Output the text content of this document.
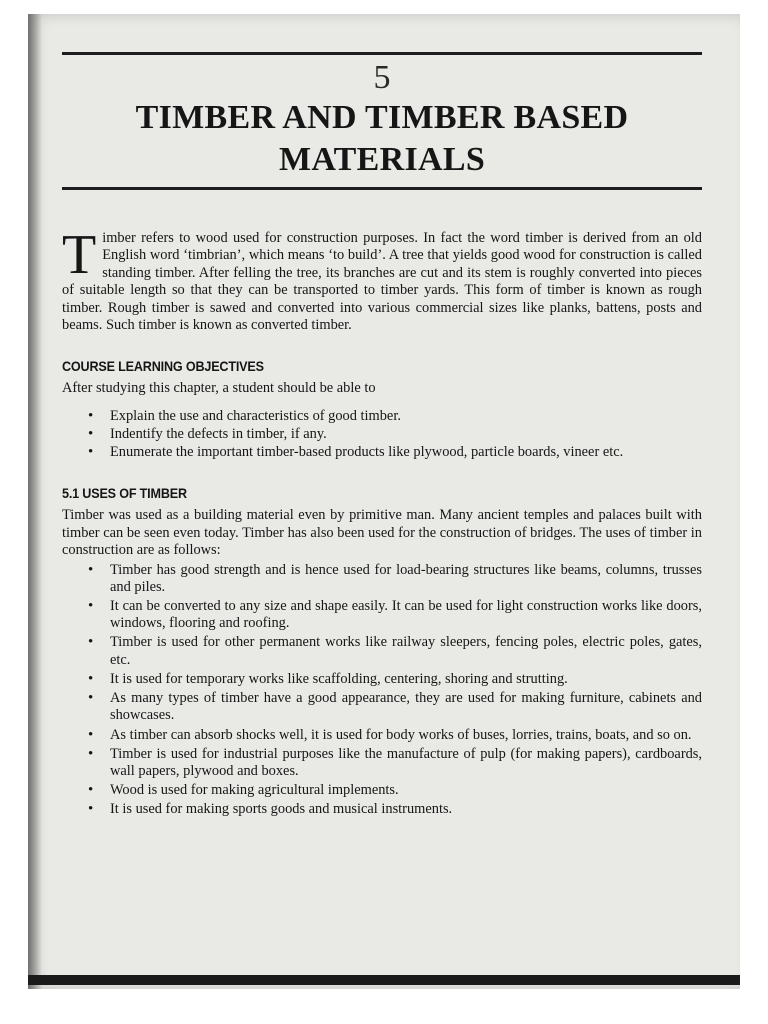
5
TIMBER AND TIMBER BASED MATERIALS
T imber refers to wood used for construction purposes. In fact the word timber is derived from an old English word ‘timbrian’, which means ‘to build’. A tree that yields good wood for construction is called standing timber. After felling the tree, its branches are cut and its stem is roughly converted into pieces of suitable length so that they can be transported to timber yards. This form of timber is known as rough timber. Rough timber is sawed and converted into various commercial sizes like planks, battens, posts and beams. Such timber is known as converted timber.
COURSE LEARNING OBJECTIVES
After studying this chapter, a student should be able to
• Explain the use and characteristics of good timber.
• Indentify the defects in timber, if any.
• Enumerate the important timber-based products like plywood, particle boards, vineer etc.
5.1 USES OF TIMBER
Timber was used as a building material even by primitive man. Many ancient temples and palaces built with timber can be seen even today. Timber has also been used for the construction of bridges. The uses of timber in construction are as follows:
• Timber has good strength and is hence used for load-bearing structures like beams, columns, trusses and piles.
• It can be converted to any size and shape easily. It can be used for light construction works like doors, windows, flooring and roofing.
• Timber is used for other permanent works like railway sleepers, fencing poles, electric poles, gates, etc.
• It is used for temporary works like scaffolding, centering, shoring and strutting.
• As many types of timber have a good appearance, they are used for making furniture, cabinets and showcases.
• As timber can absorb shocks well, it is used for body works of buses, lorries, trains, boats, and so on.
• Timber is used for industrial purposes like the manufacture of pulp (for making papers), cardboards, wall papers, plywood and boxes.
• Wood is used for making agricultural implements.
• It is used for making sports goods and musical instruments.
